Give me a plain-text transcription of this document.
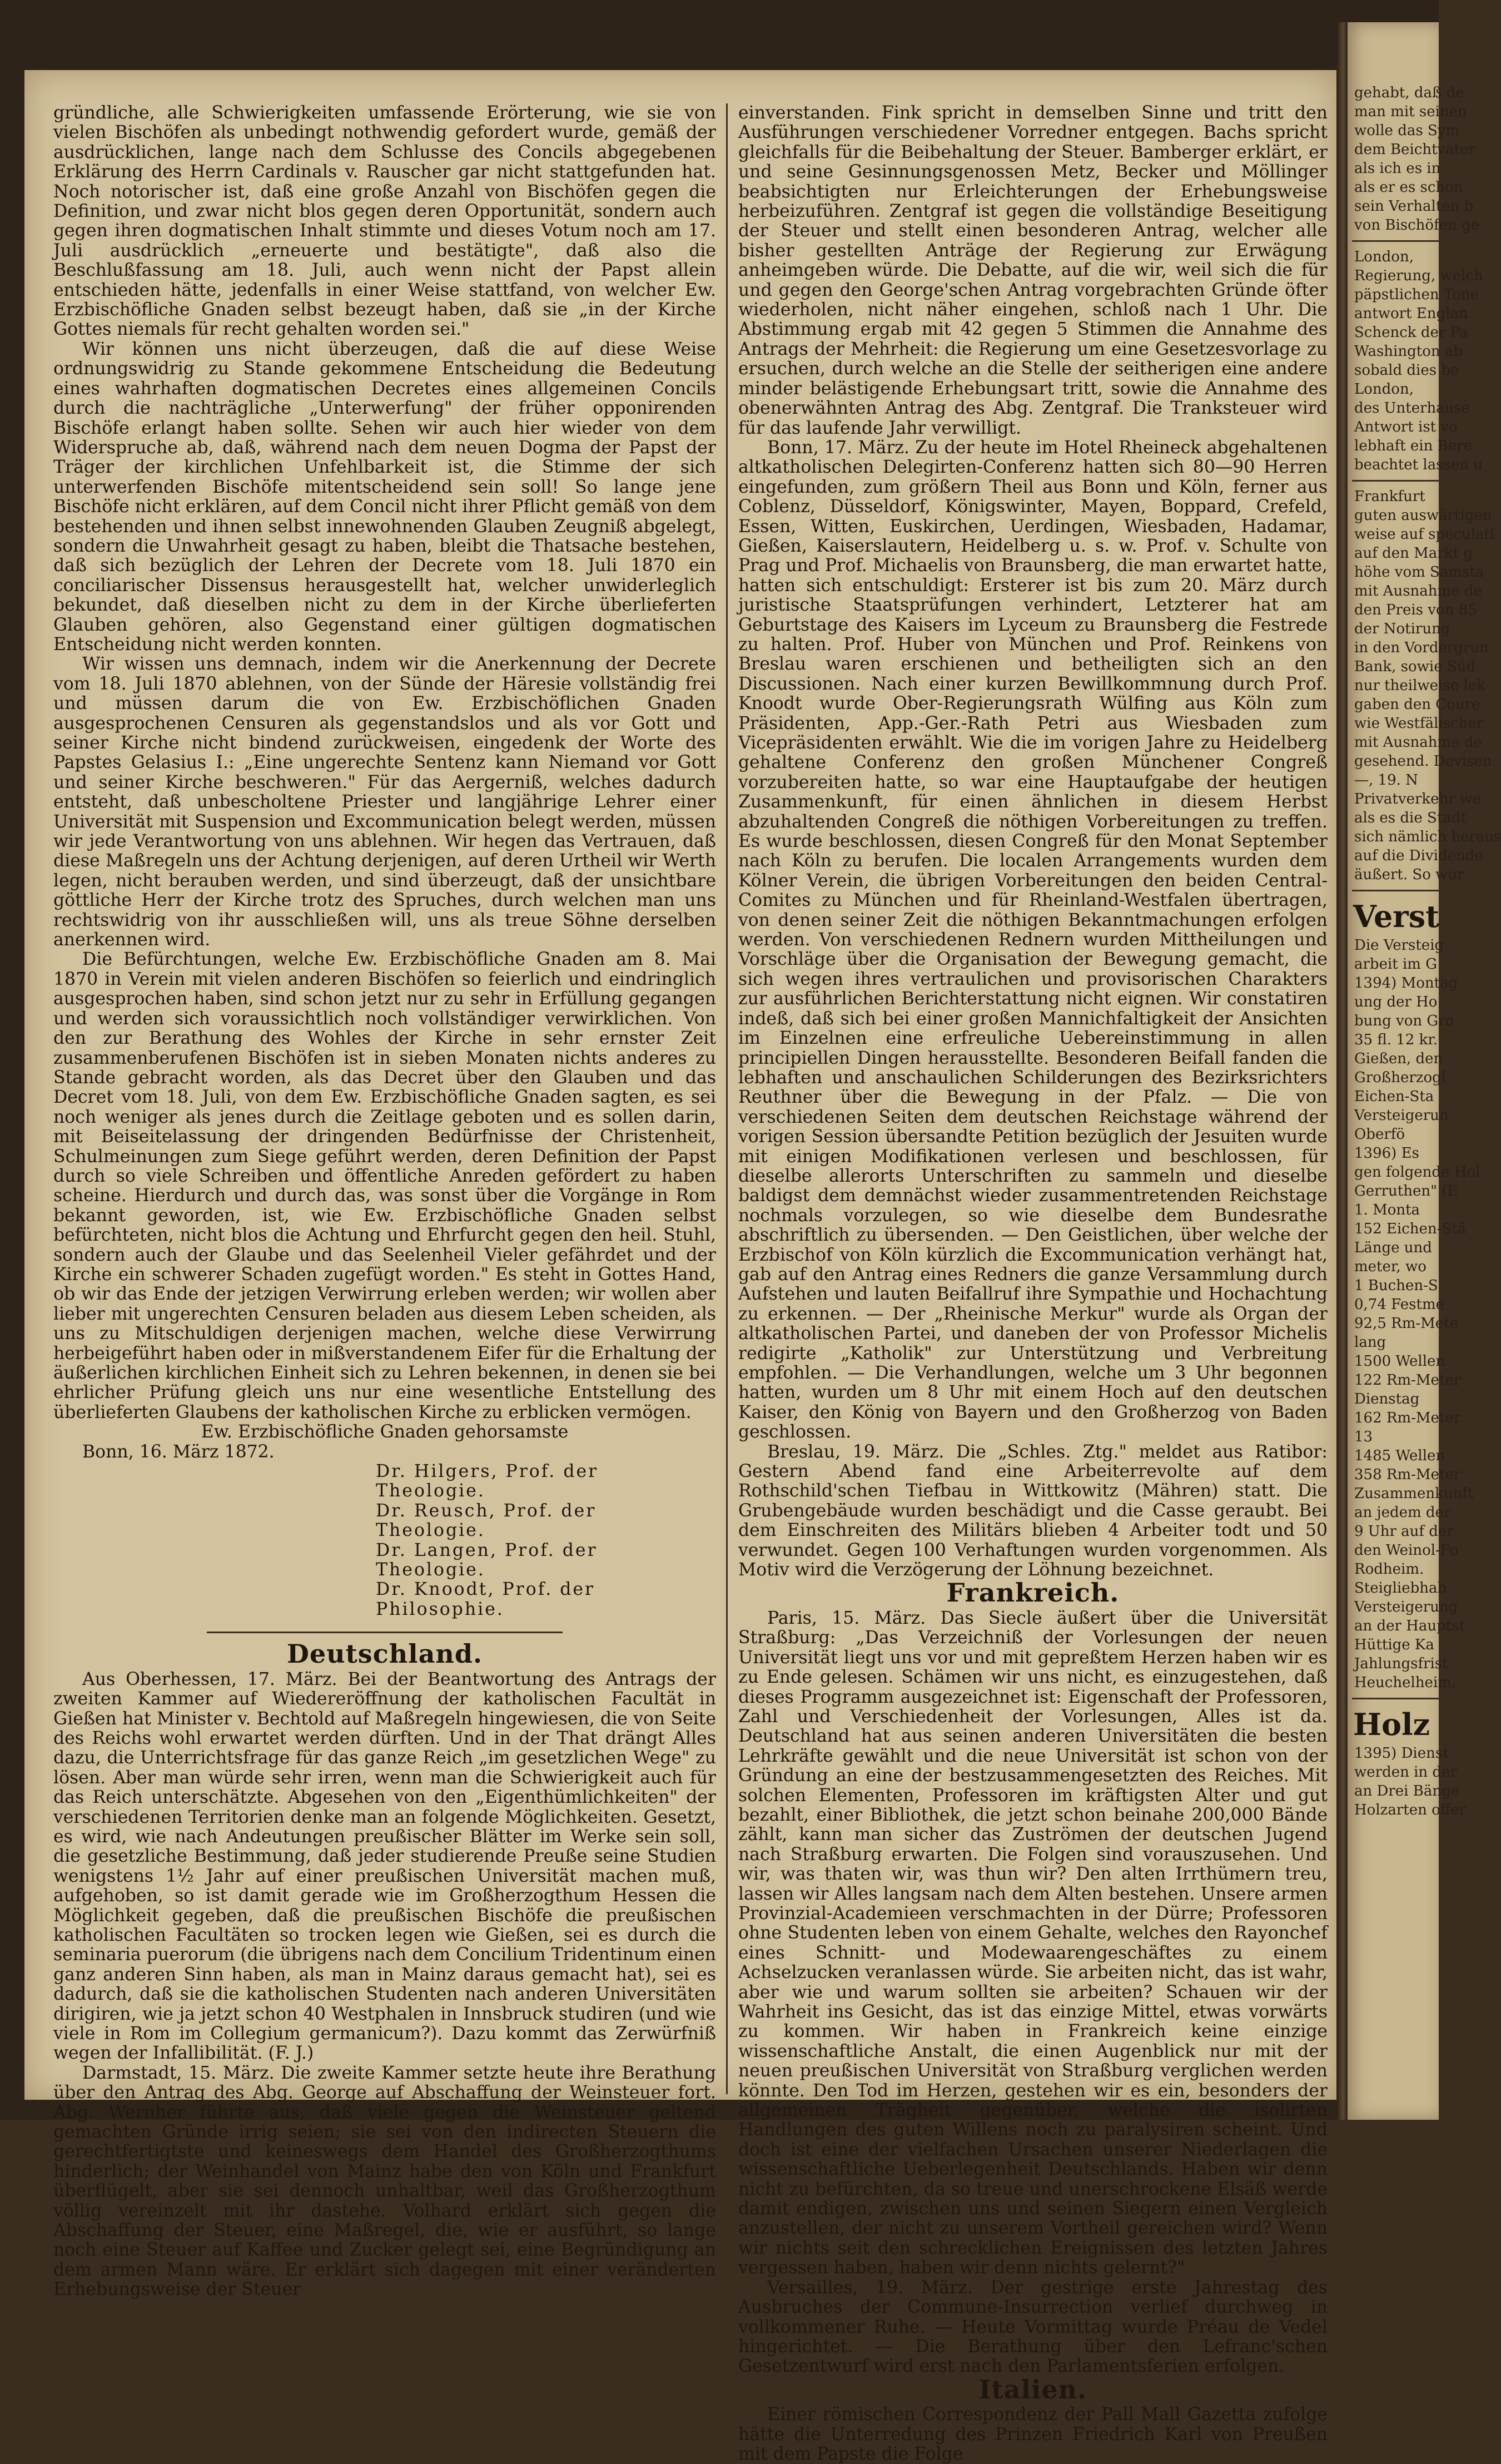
gründliche, alle Schwierigkeiten umfassende Erörterung, wie sie von vielen Bischöfen als unbedingt nothwendig gefordert wurde, gemäß der ausdrücklichen, lange nach dem Schlusse des Concils abgegebenen Erklärung des Herrn Cardinals v. Rauscher gar nicht stattgefunden hat. Noch notorischer ist, daß eine große Anzahl von Bischöfen gegen die Definition, und zwar nicht blos gegen deren Opportunität, sondern auch gegen ihren dogmatischen Inhalt stimmte und dieses Votum noch am 17. Juli ausdrücklich „erneuerte und bestätigte", daß also die Beschlußfassung am 18. Juli, auch wenn nicht der Papst allein entschieden hätte, jedenfalls in einer Weise stattfand, von welcher Ew. Erzbischöfliche Gnaden selbst bezeugt haben, daß sie „in der Kirche Gottes niemals für recht gehalten worden sei."

Wir können uns nicht überzeugen, daß die auf diese Weise ordnungswidrig zu Stande gekommene Entscheidung die Bedeutung eines wahrhaften dogmatischen Decretes eines allgemeinen Concils durch die nachträgliche „Unterwerfung" der früher opponirenden Bischöfe erlangt haben sollte. Sehen wir auch hier wieder von dem Widerspruche ab, daß, während nach dem neuen Dogma der Papst der Träger der kirchlichen Unfehlbarkeit ist, die Stimme der sich unterwerfenden Bischöfe mitentscheidend sein soll! So lange jene Bischöfe nicht erklären, auf dem Concil nicht ihrer Pflicht gemäß von dem bestehenden und ihnen selbst innewohnenden Glauben Zeugniß abgelegt, sondern die Unwahrheit gesagt zu haben, bleibt die Thatsache bestehen, daß sich bezüglich der Lehren der Decrete vom 18. Juli 1870 ein conciliarischer Dissensus herausgestellt hat, welcher unwiderleglich bekundet, daß dieselben nicht zu dem in der Kirche überlieferten Glauben gehören, also Gegenstand einer gültigen dogmatischen Entscheidung nicht werden konnten.

Wir wissen uns demnach, indem wir die Anerkennung der Decrete vom 18. Juli 1870 ablehnen, von der Sünde der Häresie vollständig frei und müssen darum die von Ew. Erzbischöflichen Gnaden ausgesprochenen Censuren als gegenstandslos und als vor Gott und seiner Kirche nicht bindend zurückweisen, eingedenk der Worte des Papstes Gelasius I.: „Eine ungerechte Sentenz kann Niemand vor Gott und seiner Kirche beschweren." Für das Aergerniß, welches dadurch entsteht, daß unbescholtene Priester und langjährige Lehrer einer Universität mit Suspension und Excommunication belegt werden, müssen wir jede Verantwortung von uns ablehnen. Wir hegen das Vertrauen, daß diese Maßregeln uns der Achtung derjenigen, auf deren Urtheil wir Werth legen, nicht berauben werden, und sind überzeugt, daß der unsichtbare göttliche Herr der Kirche trotz des Spruches, durch welchen man uns rechtswidrig von ihr ausschließen will, uns als treue Söhne derselben anerkennen wird.

Die Befürchtungen, welche Ew. Erzbischöfliche Gnaden am 8. Mai 1870 in Verein mit vielen anderen Bischöfen so feierlich und eindringlich ausgesprochen haben, sind schon jetzt nur zu sehr in Erfüllung gegangen und werden sich voraussichtlich noch vollständiger verwirklichen. Von den zur Berathung des Wohles der Kirche in sehr ernster Zeit zusammenberufenen Bischöfen ist in sieben Monaten nichts anderes zu Stande gebracht worden, als das Decret über den Glauben und das Decret vom 18. Juli, von dem Ew. Erzbischöfliche Gnaden sagten, es sei noch weniger als jenes durch die Zeitlage geboten und es sollen darin, mit Beiseitelassung der dringenden Bedürfnisse der Christenheit, Schulmeinungen zum Siege geführt werden, deren Definition der Papst durch so viele Schreiben und öffentliche Anreden gefördert zu haben scheine. Hierdurch und durch das, was sonst über die Vorgänge in Rom bekannt geworden, ist, wie Ew. Erzbischöfliche Gnaden selbst befürchteten, nicht blos die Achtung und Ehrfurcht gegen den heil. Stuhl, sondern auch der Glaube und das Seelenheil Vieler gefährdet und der Kirche ein schwerer Schaden zugefügt worden." Es steht in Gottes Hand, ob wir das Ende der jetzigen Verwirrung erleben werden; wir wollen aber lieber mit ungerechten Censuren beladen aus diesem Leben scheiden, als uns zu Mitschuldigen derjenigen machen, welche diese Verwirrung herbeigeführt haben oder in mißverstandenem Eifer für die Erhaltung der äußerlichen kirchlichen Einheit sich zu Lehren bekennen, in denen sie bei ehrlicher Prüfung gleich uns nur eine wesentliche Entstellung des überlieferten Glaubens der katholischen Kirche zu erblicken vermögen.

Ew. Erzbischöfliche Gnaden gehorsamste

Bonn, 16. März 1872.

Dr. Hilgers, Prof. der Theologie.
Dr. Reusch, Prof. der Theologie.
Dr. Langen, Prof. der Theologie.
Dr. Knoodt, Prof. der Philosophie.
Deutschland.

Aus Oberhessen, 17. März. Bei der Beantwortung des Antrags der zweiten Kammer auf Wiedereröffnung der katholischen Facultät in Gießen hat Minister v. Bechtold auf Maßregeln hingewiesen, die von Seite des Reichs wohl erwartet werden dürften. Und in der That drängt Alles dazu, die Unterrichtsfrage für das ganze Reich „im gesetzlichen Wege" zu lösen. Aber man würde sehr irren, wenn man die Schwierigkeit auch für das Reich unterschätzte. Abgesehen von den „Eigenthümlichkeiten" der verschiedenen Territorien denke man an folgende Möglichkeiten. Gesetzt, es wird, wie nach Andeutungen preußischer Blätter im Werke sein soll, die gesetzliche Bestimmung, daß jeder studierende Preuße seine Studien wenigstens 1½ Jahr auf einer preußischen Universität machen muß, aufgehoben, so ist damit gerade wie im Großherzogthum Hessen die Möglichkeit gegeben, daß die preußischen Bischöfe die preußischen katholischen Facultäten so trocken legen wie Gießen, sei es durch die seminaria puerorum (die übrigens nach dem Concilium Tridentinum einen ganz anderen Sinn haben, als man in Mainz daraus gemacht hat), sei es dadurch, daß sie die katholischen Studenten nach anderen Universitäten dirigiren, wie ja jetzt schon 40 Westphalen in Innsbruck studiren (und wie viele in Rom im Collegium germanicum?). Dazu kommt das Zerwürfniß wegen der Infallibilität. (F. J.)

Darmstadt, 15. März. Die zweite Kammer setzte heute ihre Berathung über den Antrag des Abg. George auf Abschaffung der Weinsteuer fort. Abg. Wernher führte aus, daß viele gegen die Weinsteuer geltend gemachten Gründe irrig seien; sie sei von den indirecten Steuern die gerechtfertigtste und keineswegs dem Handel des Großherzogthums hinderlich; der Weinhandel von Mainz habe den von Köln und Frankfurt überflügelt, aber sie sei dennoch unhaltbar, weil das Großherzogthum völlig vereinzelt mit ihr dastehe. Volhard erklärt sich gegen die Abschaffung der Steuer, eine Maßregel, die, wie er ausführt, so lange noch eine Steuer auf Kaffee und Zucker gelegt sei, eine Begründigung an dem armen Mann wäre. Er erklärt sich dagegen mit einer veränderten Erhebungsweise der Steuer

einverstanden. Fink spricht in demselben Sinne und tritt den Ausführungen verschiedener Vorredner entgegen. Bachs spricht gleichfalls für die Beibehaltung der Steuer. Bamberger erklärt, er und seine Gesinnungsgenossen Metz, Becker und Möllinger beabsichtigten nur Erleichterungen der Erhebungsweise herbeizuführen. Zentgraf ist gegen die vollständige Beseitigung der Steuer und stellt einen besonderen Antrag, welcher alle bisher gestellten Anträge der Regierung zur Erwägung anheimgeben würde. Die Debatte, auf die wir, weil sich die für und gegen den George'schen Antrag vorgebrachten Gründe öfter wiederholen, nicht näher eingehen, schloß nach 1 Uhr. Die Abstimmung ergab mit 42 gegen 5 Stimmen die Annahme des Antrags der Mehrheit: die Regierung um eine Gesetzesvorlage zu ersuchen, durch welche an die Stelle der seitherigen eine andere minder belästigende Erhebungsart tritt, sowie die Annahme des obenerwähnten Antrag des Abg. Zentgraf. Die Tranksteuer wird für das laufende Jahr verwilligt.

Bonn, 17. März. Zu der heute im Hotel Rheineck abgehaltenen altkatholischen Delegirten-Conferenz hatten sich 80—90 Herren eingefunden, zum größern Theil aus Bonn und Köln, ferner aus Coblenz, Düsseldorf, Königswinter, Mayen, Boppard, Crefeld, Essen, Witten, Euskirchen, Uerdingen, Wiesbaden, Hadamar, Gießen, Kaiserslautern, Heidelberg u. s. w. Prof. v. Schulte von Prag und Prof. Michaelis von Braunsberg, die man erwartet hatte, hatten sich entschuldigt: Ersterer ist bis zum 20. März durch juristische Staatsprüfungen verhindert, Letzterer hat am Geburtstage des Kaisers im Lyceum zu Braunsberg die Festrede zu halten. Prof. Huber von München und Prof. Reinkens von Breslau waren erschienen und betheiligten sich an den Discussionen. Nach einer kurzen Bewillkommnung durch Prof. Knoodt wurde Ober-Regierungsrath Wülfing aus Köln zum Präsidenten, App.-Ger.-Rath Petri aus Wiesbaden zum Vicepräsidenten erwählt. Wie die im vorigen Jahre zu Heidelberg gehaltene Conferenz den großen Münchener Congreß vorzubereiten hatte, so war eine Hauptaufgabe der heutigen Zusammenkunft, für einen ähnlichen in diesem Herbst abzuhaltenden Congreß die nöthigen Vorbereitungen zu treffen. Es wurde beschlossen, diesen Congreß für den Monat September nach Köln zu berufen. Die localen Arrangements wurden dem Kölner Verein, die übrigen Vorbereitungen den beiden Central-Comites zu München und für Rheinland-Westfalen übertragen, von denen seiner Zeit die nöthigen Bekanntmachungen erfolgen werden. Von verschiedenen Rednern wurden Mittheilungen und Vorschläge über die Organisation der Bewegung gemacht, die sich wegen ihres vertraulichen und provisorischen Charakters zur ausführlichen Berichterstattung nicht eignen. Wir constatiren indeß, daß sich bei einer großen Mannichfaltigkeit der Ansichten im Einzelnen eine erfreuliche Uebereinstimmung in allen principiellen Dingen herausstellte. Besonderen Beifall fanden die lebhaften und anschaulichen Schilderungen des Bezirksrichters Reuthner über die Bewegung in der Pfalz. — Die von verschiedenen Seiten dem deutschen Reichstage während der vorigen Session übersandte Petition bezüglich der Jesuiten wurde mit einigen Modifikationen verlesen und beschlossen, für dieselbe allerorts Unterschriften zu sammeln und dieselbe baldigst dem demnächst wieder zusammentretenden Reichstage nochmals vorzulegen, so wie dieselbe dem Bundesrathe abschriftlich zu übersenden. — Den Geistlichen, über welche der Erzbischof von Köln kürzlich die Excommunication verhängt hat, gab auf den Antrag eines Redners die ganze Versammlung durch Aufstehen und lauten Beifallruf ihre Sympathie und Hochachtung zu erkennen. — Der „Rheinische Merkur" wurde als Organ der altkatholischen Partei, und daneben der von Professor Michelis redigirte „Katholik" zur Unterstützung und Verbreitung empfohlen. — Die Verhandlungen, welche um 3 Uhr begonnen hatten, wurden um 8 Uhr mit einem Hoch auf den deutschen Kaiser, den König von Bayern und den Großherzog von Baden geschlossen.

Breslau, 19. März. Die „Schles. Ztg." meldet aus Ratibor: Gestern Abend fand eine Arbeiterrevolte auf dem Rothschild'schen Tiefbau in Wittkowitz (Mähren) statt. Die Grubengebäude wurden beschädigt und die Casse geraubt. Bei dem Einschreiten des Militärs blieben 4 Arbeiter todt und 50 verwundet. Gegen 100 Verhaftungen wurden vorgenommen. Als Motiv wird die Verzögerung der Löhnung bezeichnet.

Frankreich.

Paris, 15. März. Das Siecle äußert über die Universität Straßburg: „Das Verzeichniß der Vorlesungen der neuen Universität liegt uns vor und mit gepreßtem Herzen haben wir es zu Ende gelesen. Schämen wir uns nicht, es einzugestehen, daß dieses Programm ausgezeichnet ist: Eigenschaft der Professoren, Zahl und Verschiedenheit der Vorlesungen, Alles ist da. Deutschland hat aus seinen anderen Universitäten die besten Lehrkräfte gewählt und die neue Universität ist schon von der Gründung an eine der bestzusammengesetzten des Reiches. Mit solchen Elementen, Professoren im kräftigsten Alter und gut bezahlt, einer Bibliothek, die jetzt schon beinahe 200,000 Bände zählt, kann man sicher das Zuströmen der deutschen Jugend nach Straßburg erwarten. Die Folgen sind vorauszusehen. Und wir, was thaten wir, was thun wir? Den alten Irrthümern treu, lassen wir Alles langsam nach dem Alten bestehen. Unsere armen Provinzial-Academieen verschmachten in der Dürre; Professoren ohne Studenten leben von einem Gehalte, welches den Rayonchef eines Schnitt- und Modewaarengeschäftes zu einem Achselzucken veranlassen würde. Sie arbeiten nicht, das ist wahr, aber wie und warum sollten sie arbeiten? Schauen wir der Wahrheit ins Gesicht, das ist das einzige Mittel, etwas vorwärts zu kommen. Wir haben in Frankreich keine einzige wissenschaftliche Anstalt, die einen Augenblick nur mit der neuen preußischen Universität von Straßburg verglichen werden könnte. Den Tod im Herzen, gestehen wir es ein, besonders der allgemeinen Trägheit gegenüber, welche die isolirten Handlungen des guten Willens noch zu paralysiren scheint. Und doch ist eine der vielfachen Ursachen unserer Niederlagen die wissenschaftliche Ueberlegenheit Deutschlands. Haben wir denn nicht zu befürchten, da so treue und unerschrockene Elsäß werde damit endigen, zwischen uns und seinen Siegern einen Vergleich anzustellen, der nicht zu unserem Vortheil gereichen wird? Wenn wir nichts seit den schrecklichen Ereignissen des letzten Jahres vergessen haben, haben wir denn nichts gelernt?"

Versailles, 19. März. Der gestrige erste Jahrestag des Ausbruches der Commune-Insurrection verlief durchweg in vollkommener Ruhe. — Heute Vormittag wurde Préau de Vedel hingerichtet. — Die Berathung über den Lefranc'schen Gesetzentwurf wird erst nach den Parlamentsferien erfolgen.

Italien.

Einer römischen Correspondenz der Pall Mall Gazetta zufolge hätte die Unterredung des Prinzen Friedrich Karl von Preußen mit dem Papste die Folge

gehabt, daß de
man mit seinen
wolle das Sym
dem Beichtvater
als ich es in
als er es schon
sein Verhalten b
von Bischöfen ge
London,
Regierung, welch
päpstlichen Tone
antwort Englan
Schenck der Pa
Washington ab
sobald dies be
London,
des Unterhause
Antwort ist vo
lebhaft ein Bere
beachtet lassen u
Frankfurt
guten auswärtigen
weise auf speculati
auf den Markt g
höhe vom Samsta
mit Ausnahme de
den Preis von 85
der Notirung
in den Vordergrun
Bank, sowie Süd
nur theilweise lek
gaben den Coure
wie Westfälischer
mit Ausnahme de
gesehend. Devisen
—, 19. N
Privatverkehr we
als es die Stadt
sich nämlich heraus
auf die Dividende
äußert. So wur
Verst
Die Versteig
arbeit im G
1394) Montag
ung der Ho
bung von Gro
35 fl. 12 kr.
Gießen, den
Großherzogl
Eichen-Sta
Versteigerun
Oberfö
1396) Es
gen folgende Hol
Gerruthen" (E
1. Monta
152 Eichen-Stä
Länge und
meter, wo
1 Buchen-S
0,74 Festme
92,5 Rm-Mete
lang
1500 Wellen
122 Rm-Meter
Dienstag
162 Rm-Meter
13
1485 Wellen
358 Rm-Meter
Zusammenkunft
an jedem der
9 Uhr auf der
den Weinol-Fo
Rodheim.
Steigliebhab
Versteigerung
an der Hauptst
Hüttige Ka
Jahlungsfrist
Heuchelheim,
Holz
1395) Dienst
werden in der
an Drei Bänge
Holzarten offer
